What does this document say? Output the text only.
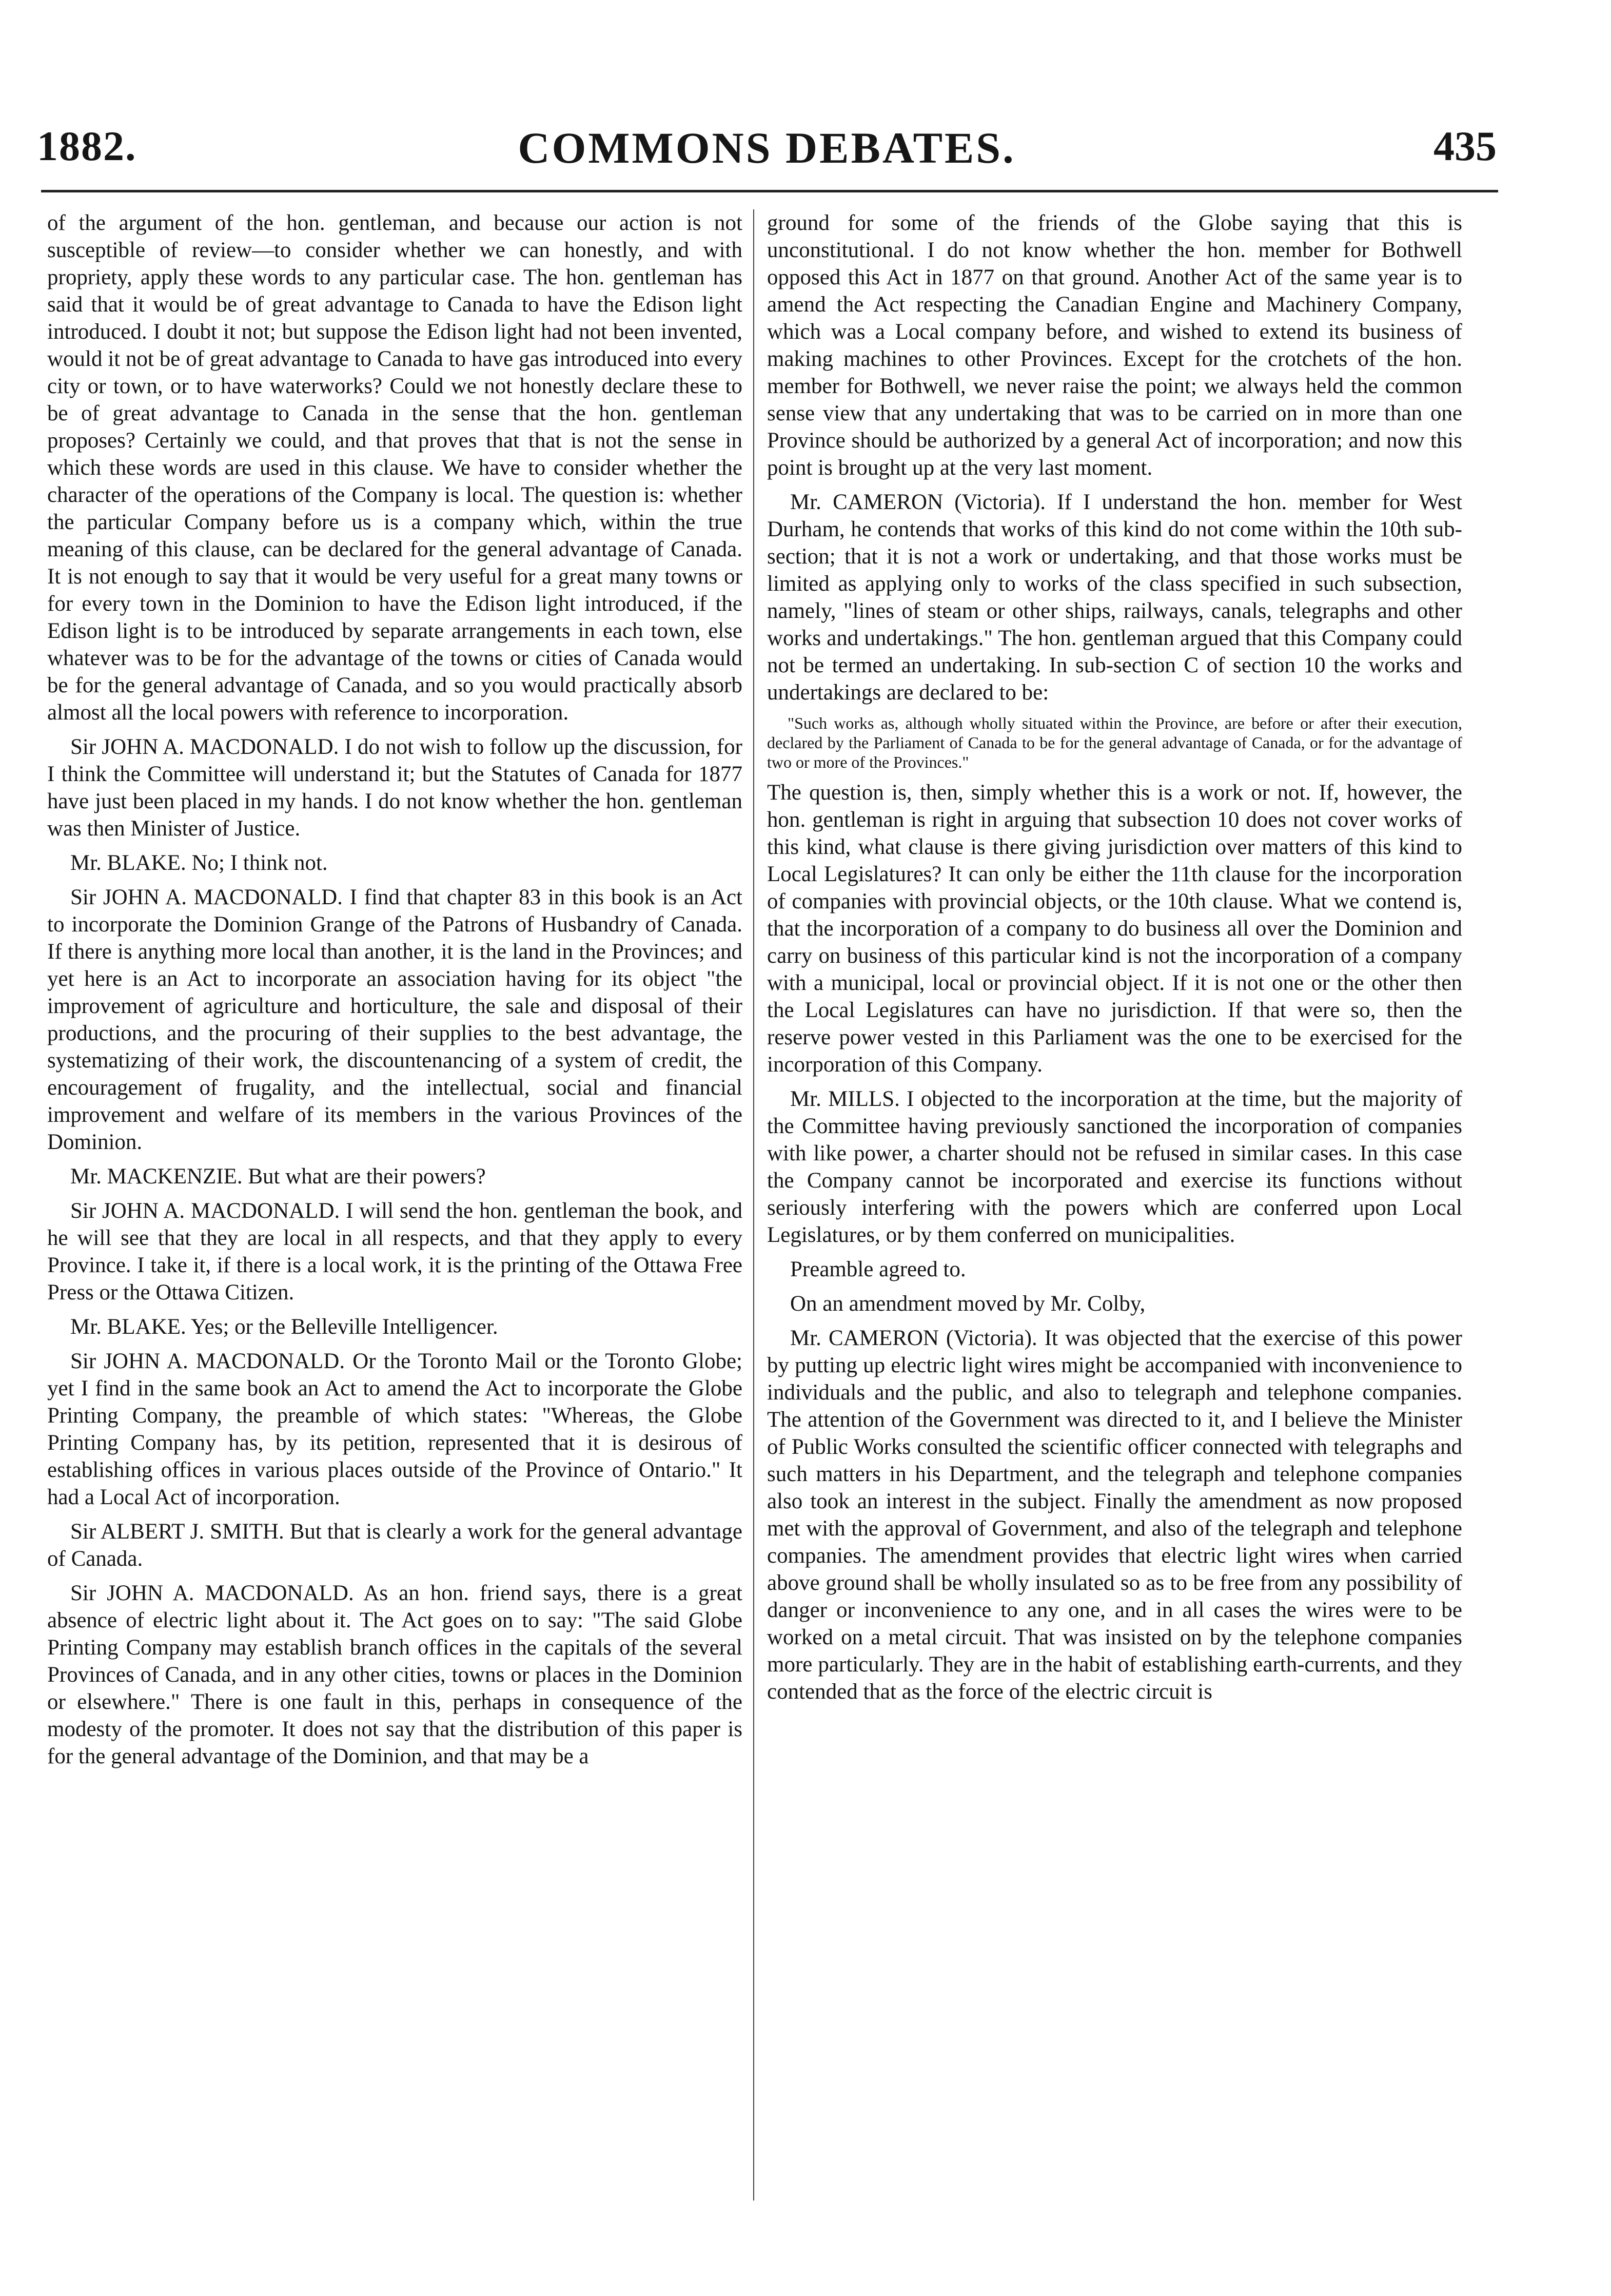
1882.	COMMONS DEBATES.	435

of the argument of the hon. gentleman, and because our action is not susceptible of review—to consider whether we can honestly, and with propriety, apply these words to any particular case. The hon. gentleman has said that it would be of great advantage to Canada to have the Edison light introduced. I doubt it not; but suppose the Edison light had not been invented, would it not be of great advantage to Canada to have gas introduced into every city or town, or to have waterworks? Could we not honestly declare these to be of great advantage to Canada in the sense that the hon. gentleman proposes? Certainly we could, and that proves that that is not the sense in which these words are used in this clause. We have to consider whether the character of the operations of the Company is local. The question is: whether the particular Company before us is a company which, within the true meaning of this clause, can be declared for the general advantage of Canada. It is not enough to say that it would be very useful for a great many towns or for every town in the Dominion to have the Edison light introduced, if the Edison light is to be introduced by separate arrangements in each town, else whatever was to be for the advantage of the towns or cities of Canada would be for the general advantage of Canada, and so you would practically absorb almost all the local powers with reference to incorporation.

Sir JOHN A. MACDONALD. I do not wish to follow up the discussion, for I think the Committee will understand it; but the Statutes of Canada for 1877 have just been placed in my hands. I do not know whether the hon. gentleman was then Minister of Justice.

Mr. BLAKE. No; I think not.

Sir JOHN A. MACDONALD. I find that chapter 83 in this book is an Act to incorporate the Dominion Grange of the Patrons of Husbandry of Canada. If there is anything more local than another, it is the land in the Provinces; and yet here is an Act to incorporate an association having for its object "the improvement of agriculture and horticulture, the sale and disposal of their productions, and the procuring of their supplies to the best advantage, the systematizing of their work, the discountenancing of a system of credit, the encouragement of frugality, and the intellectual, social and financial improvement and welfare of its members in the various Provinces of the Dominion.

Mr. MACKENZIE. But what are their powers?

Sir JOHN A. MACDONALD. I will send the hon. gentleman the book, and he will see that they are local in all respects, and that they apply to every Province. I take it, if there is a local work, it is the printing of the Ottawa Free Press or the Ottawa Citizen.

Mr. BLAKE. Yes; or the Belleville Intelligencer.

Sir JOHN A. MACDONALD. Or the Toronto Mail or the Toronto Globe; yet I find in the same book an Act to amend the Act to incorporate the Globe Printing Company, the preamble of which states: "Whereas, the Globe Printing Company has, by its petition, represented that it is desirous of establishing offices in various places outside of the Province of Ontario." It had a Local Act of incorporation.

Sir ALBERT J. SMITH. But that is clearly a work for the general advantage of Canada.

Sir JOHN A. MACDONALD. As an hon. friend says, there is a great absence of electric light about it. The Act goes on to say: "The said Globe Printing Company may establish branch offices in the capitals of the several Provinces of Canada, and in any other cities, towns or places in the Dominion or elsewhere." There is one fault in this, perhaps in consequence of the modesty of the promoter. It does not say that the distribution of this paper is for the general advantage of the Dominion, and that may be a

ground for some of the friends of the Globe saying that this is unconstitutional. I do not know whether the hon. member for Bothwell opposed this Act in 1877 on that ground. Another Act of the same year is to amend the Act respecting the Canadian Engine and Machinery Company, which was a Local company before, and wished to extend its business of making machines to other Provinces. Except for the crotchets of the hon. member for Bothwell, we never raise the point; we always held the common sense view that any undertaking that was to be carried on in more than one Province should be authorized by a general Act of incorporation; and now this point is brought up at the very last moment.

Mr. CAMERON (Victoria). If I understand the hon. member for West Durham, he contends that works of this kind do not come within the 10th sub-section; that it is not a work or undertaking, and that those works must be limited as applying only to works of the class specified in such subsection, namely, "lines of steam or other ships, railways, canals, telegraphs and other works and undertakings." The hon. gentleman argued that this Company could not be termed an undertaking. In sub-section C of section 10 the works and undertakings are declared to be:

"Such works as, although wholly situated within the Province, are before or after their execution, declared by the Parliament of Canada to be for the general advantage of Canada, or for the advantage of two or more of the Provinces."

The question is, then, simply whether this is a work or not. If, however, the hon. gentleman is right in arguing that subsection 10 does not cover works of this kind, what clause is there giving jurisdiction over matters of this kind to Local Legislatures? It can only be either the 11th clause for the incorporation of companies with provincial objects, or the 10th clause. What we contend is, that the incorporation of a company to do business all over the Dominion and carry on business of this particular kind is not the incorporation of a company with a municipal, local or provincial object. If it is not one or the other then the Local Legislatures can have no jurisdiction. If that were so, then the reserve power vested in this Parliament was the one to be exercised for the incorporation of this Company.

Mr. MILLS. I objected to the incorporation at the time, but the majority of the Committee having previously sanctioned the incorporation of companies with like power, a charter should not be refused in similar cases. In this case the Company cannot be incorporated and exercise its functions without seriously interfering with the powers which are conferred upon Local Legislatures, or by them conferred on municipalities.

Preamble agreed to.

On an amendment moved by Mr. Colby,

Mr. CAMERON (Victoria). It was objected that the exercise of this power by putting up electric light wires might be accompanied with inconvenience to individuals and the public, and also to telegraph and telephone companies. The attention of the Government was directed to it, and I believe the Minister of Public Works consulted the scientific officer connected with telegraphs and such matters in his Department, and the telegraph and telephone companies also took an interest in the subject. Finally the amendment as now proposed met with the approval of Government, and also of the telegraph and telephone companies. The amendment provides that electric light wires when carried above ground shall be wholly insulated so as to be free from any possibility of danger or inconvenience to any one, and in all cases the wires were to be worked on a metal circuit. That was insisted on by the telephone companies more particularly. They are in the habit of establishing earth-currents, and they contended that as the force of the electric circuit is
